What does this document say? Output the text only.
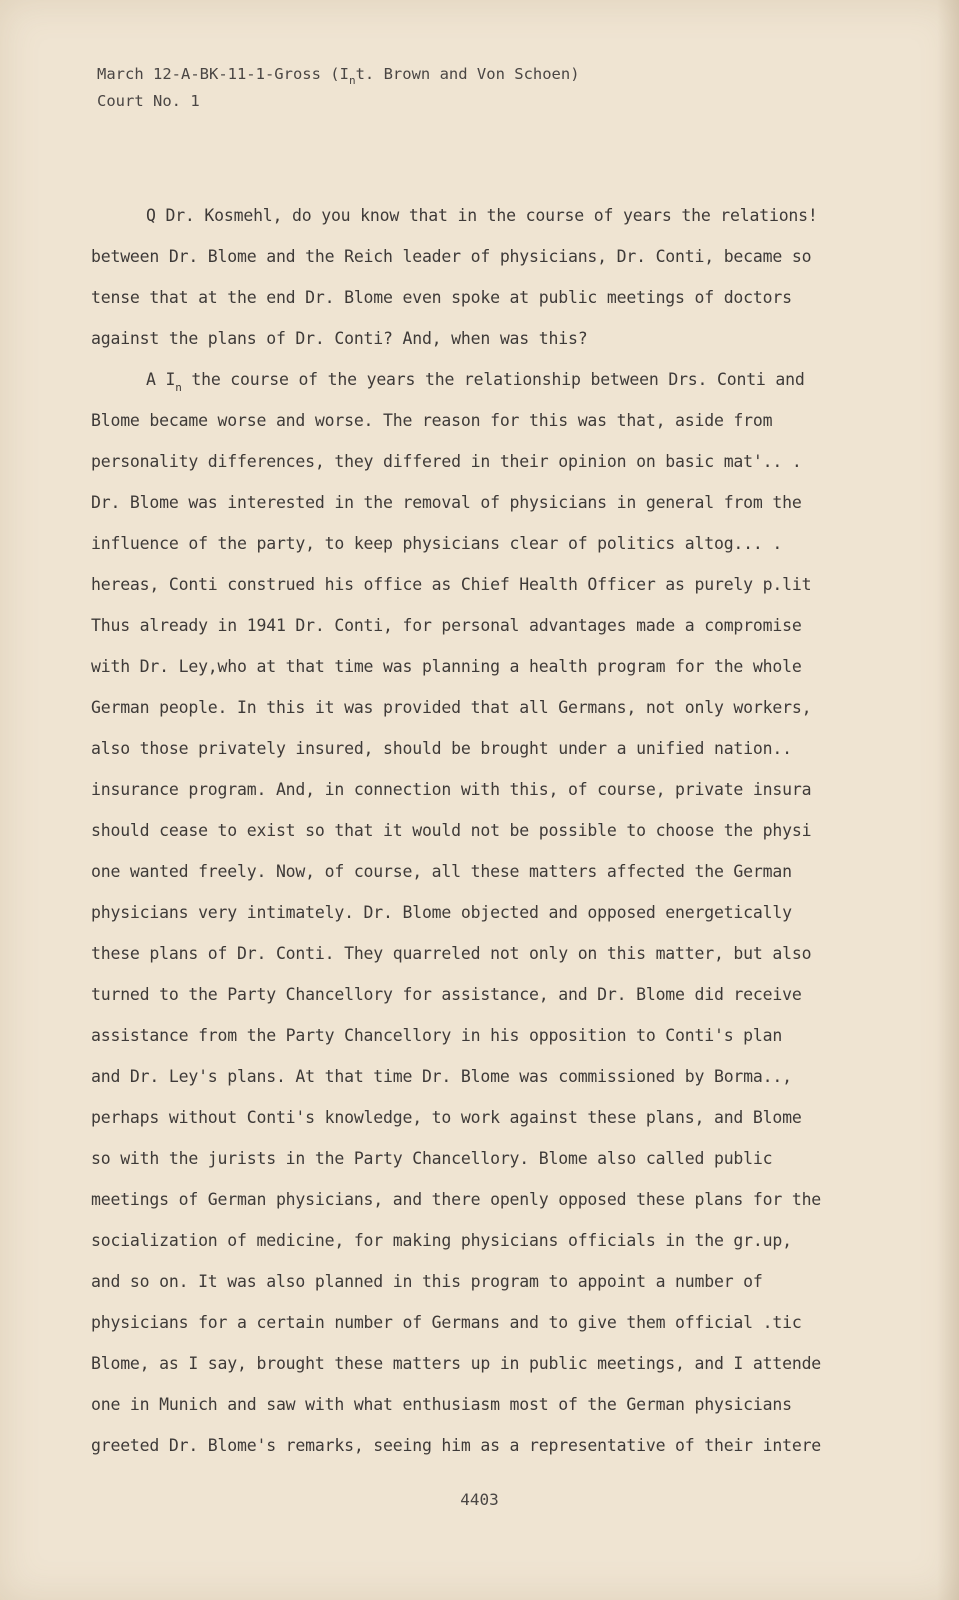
March 12-A-BK-11-1-Gross ($I_nt$. Brown and Von Schoen)
Court No. 1
Q Dr. Kosmehl, do you know that in the course of years the relations!
between Dr. Blome and the Reich leader of physicians, Dr. Conti, became so
tense that at the end Dr. Blome even spoke at public meetings of doctors
against the plans of Dr. Conti? And, when was this?
A $I_n$ the course of the years the relationship between Drs. Conti and
Blome became worse and worse. The reason for this was that, aside from
personality differences, they differed in their opinion on basic mat'.. .
Dr. Blome was interested in the removal of physicians in general from the
influence of the party, to keep physicians clear of politics altog... .
hereas, Conti construed his office as Chief Health Officer as purely p.lit
Thus already in 1941 Dr. Conti, for personal advantages made a compromise
with Dr. Ley,who at that time was planning a health program for the whole
German people. In this it was provided that all Germans, not only workers,
also those privately insured, should be brought under a unified nation..
insurance program. And, in connection with this, of course, private insura
should cease to exist so that it would not be possible to choose the physi
one wanted freely. Now, of course, all these matters affected the German
physicians very intimately. Dr. Blome objected and opposed energetically
these plans of Dr. Conti. They quarreled not only on this matter, but also
turned to the Party Chancellory for assistance, and Dr. Blome did receive
assistance from the Party Chancellory in his opposition to Conti's plan
and Dr. Ley's plans. At that time Dr. Blome was commissioned by Borma..,
perhaps without Conti's knowledge, to work against these plans, and Blome
so with the jurists in the Party Chancellory. Blome also called public
meetings of German physicians, and there openly opposed these plans for the
socialization of medicine, for making physicians officials in the gr.up,
and so on. It was also planned in this program to appoint a number of
physicians for a certain number of Germans and to give them official .tic
Blome, as I say, brought these matters up in public meetings, and I attende
one in Munich and saw with what enthusiasm most of the German physicians
greeted Dr. Blome's remarks, seeing him as a representative of their intere
4403
